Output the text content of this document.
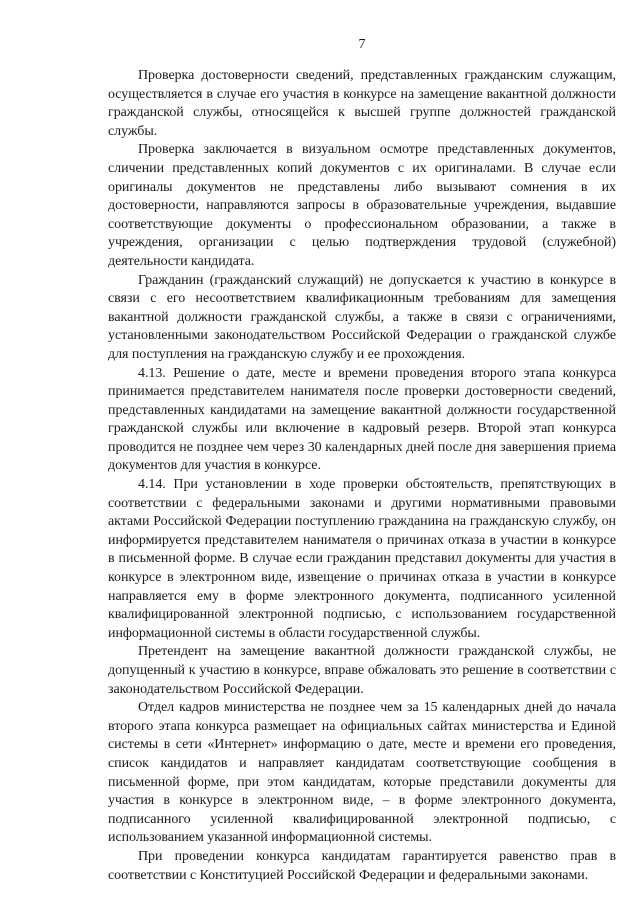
7

Проверка достоверности сведений, представленных гражданским служащим, осуществляется в случае его участия в конкурсе на замещение вакантной должности гражданской службы, относящейся к высшей группе должностей гражданской службы.

Проверка заключается в визуальном осмотре представленных документов, сличении представленных копий документов с их оригиналами. В случае если оригиналы документов не представлены либо вызывают сомнения в их достоверности, направляются запросы в образовательные учреждения, выдавшие соответствующие документы о профессиональном образовании, а также в учреждения, организации с целью подтверждения трудовой (служебной) деятельности кандидата.

Гражданин (гражданский служащий) не допускается к участию в конкурсе в связи с его несоответствием квалификационным требованиям для замещения вакантной должности гражданской службы, а также в связи с ограничениями, установленными законодательством Российской Федерации о гражданской службе для поступления на гражданскую службу и ее прохождения.

4.13. Решение о дате, месте и времени проведения второго этапа конкурса принимается представителем нанимателя после проверки достоверности сведений, представленных кандидатами на замещение вакантной должности государственной гражданской службы или включение в кадровый резерв. Второй этап конкурса проводится не позднее чем через 30 календарных дней после дня завершения приема документов для участия в конкурсе.

4.14. При установлении в ходе проверки обстоятельств, препятствующих в соответствии с федеральными законами и другими нормативными правовыми актами Российской Федерации поступлению гражданина на гражданскую службу, он информируется представителем нанимателя о причинах отказа в участии в конкурсе в письменной форме. В случае если гражданин представил документы для участия в конкурсе в электронном виде, извещение о причинах отказа в участии в конкурсе направляется ему в форме электронного документа, подписанного усиленной квалифицированной электронной подписью, с использованием государственной информационной системы в области государственной службы.

Претендент на замещение вакантной должности гражданской службы, не допущенный к участию в конкурсе, вправе обжаловать это решение в соответствии с законодательством Российской Федерации.

Отдел кадров министерства не позднее чем за 15 календарных дней до начала второго этапа конкурса размещает на официальных сайтах министерства и Единой системы в сети «Интернет» информацию о дате, месте и времени его проведения, список кандидатов и направляет кандидатам соответствующие сообщения в письменной форме, при этом кандидатам, которые представили документы для участия в конкурсе в электронном виде, – в форме электронного документа, подписанного усиленной квалифицированной электронной подписью, с использованием указанной информационной системы.

При проведении конкурса кандидатам гарантируется равенство прав в соответствии с Конституцией Российской Федерации и федеральными законами.
